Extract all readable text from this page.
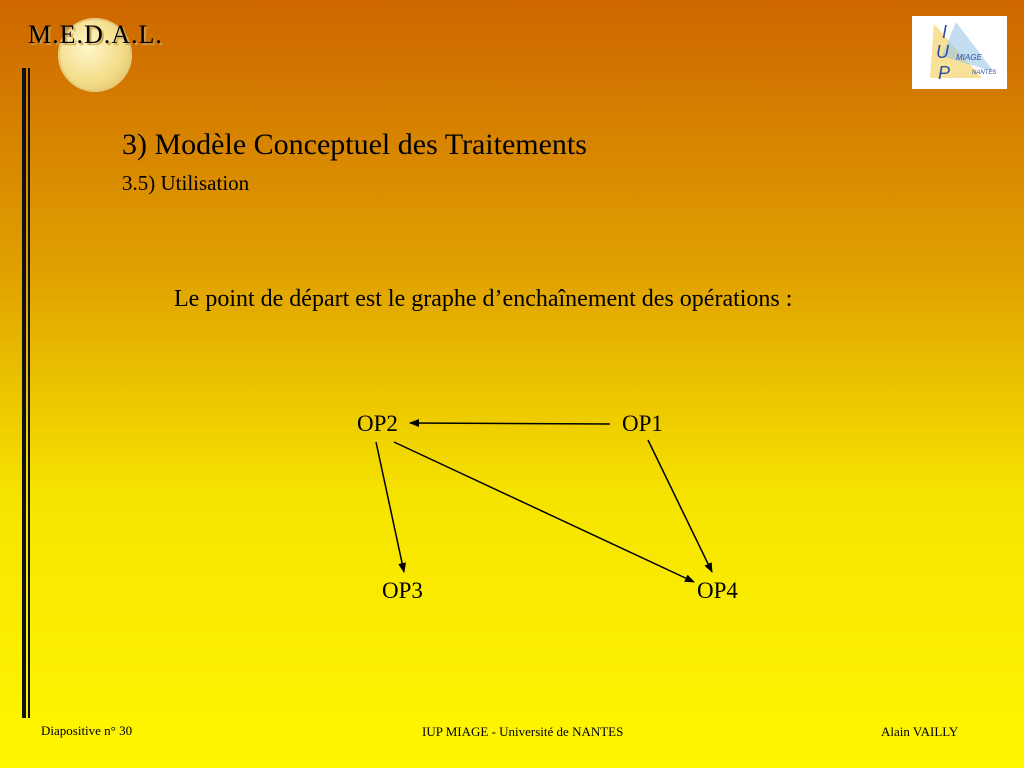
M.E.D.A.L.	I
U
P
MIAGE
NANTES
3) Modèle Conceptuel des Traitements
3.5) Utilisation
Le point de départ est le graphe d’enchaînement des opérations :
OP1
OP2
OP3	OP4
Diapositive n° 30	IUP MIAGE - Université de NANTES	Alain VAILLY
